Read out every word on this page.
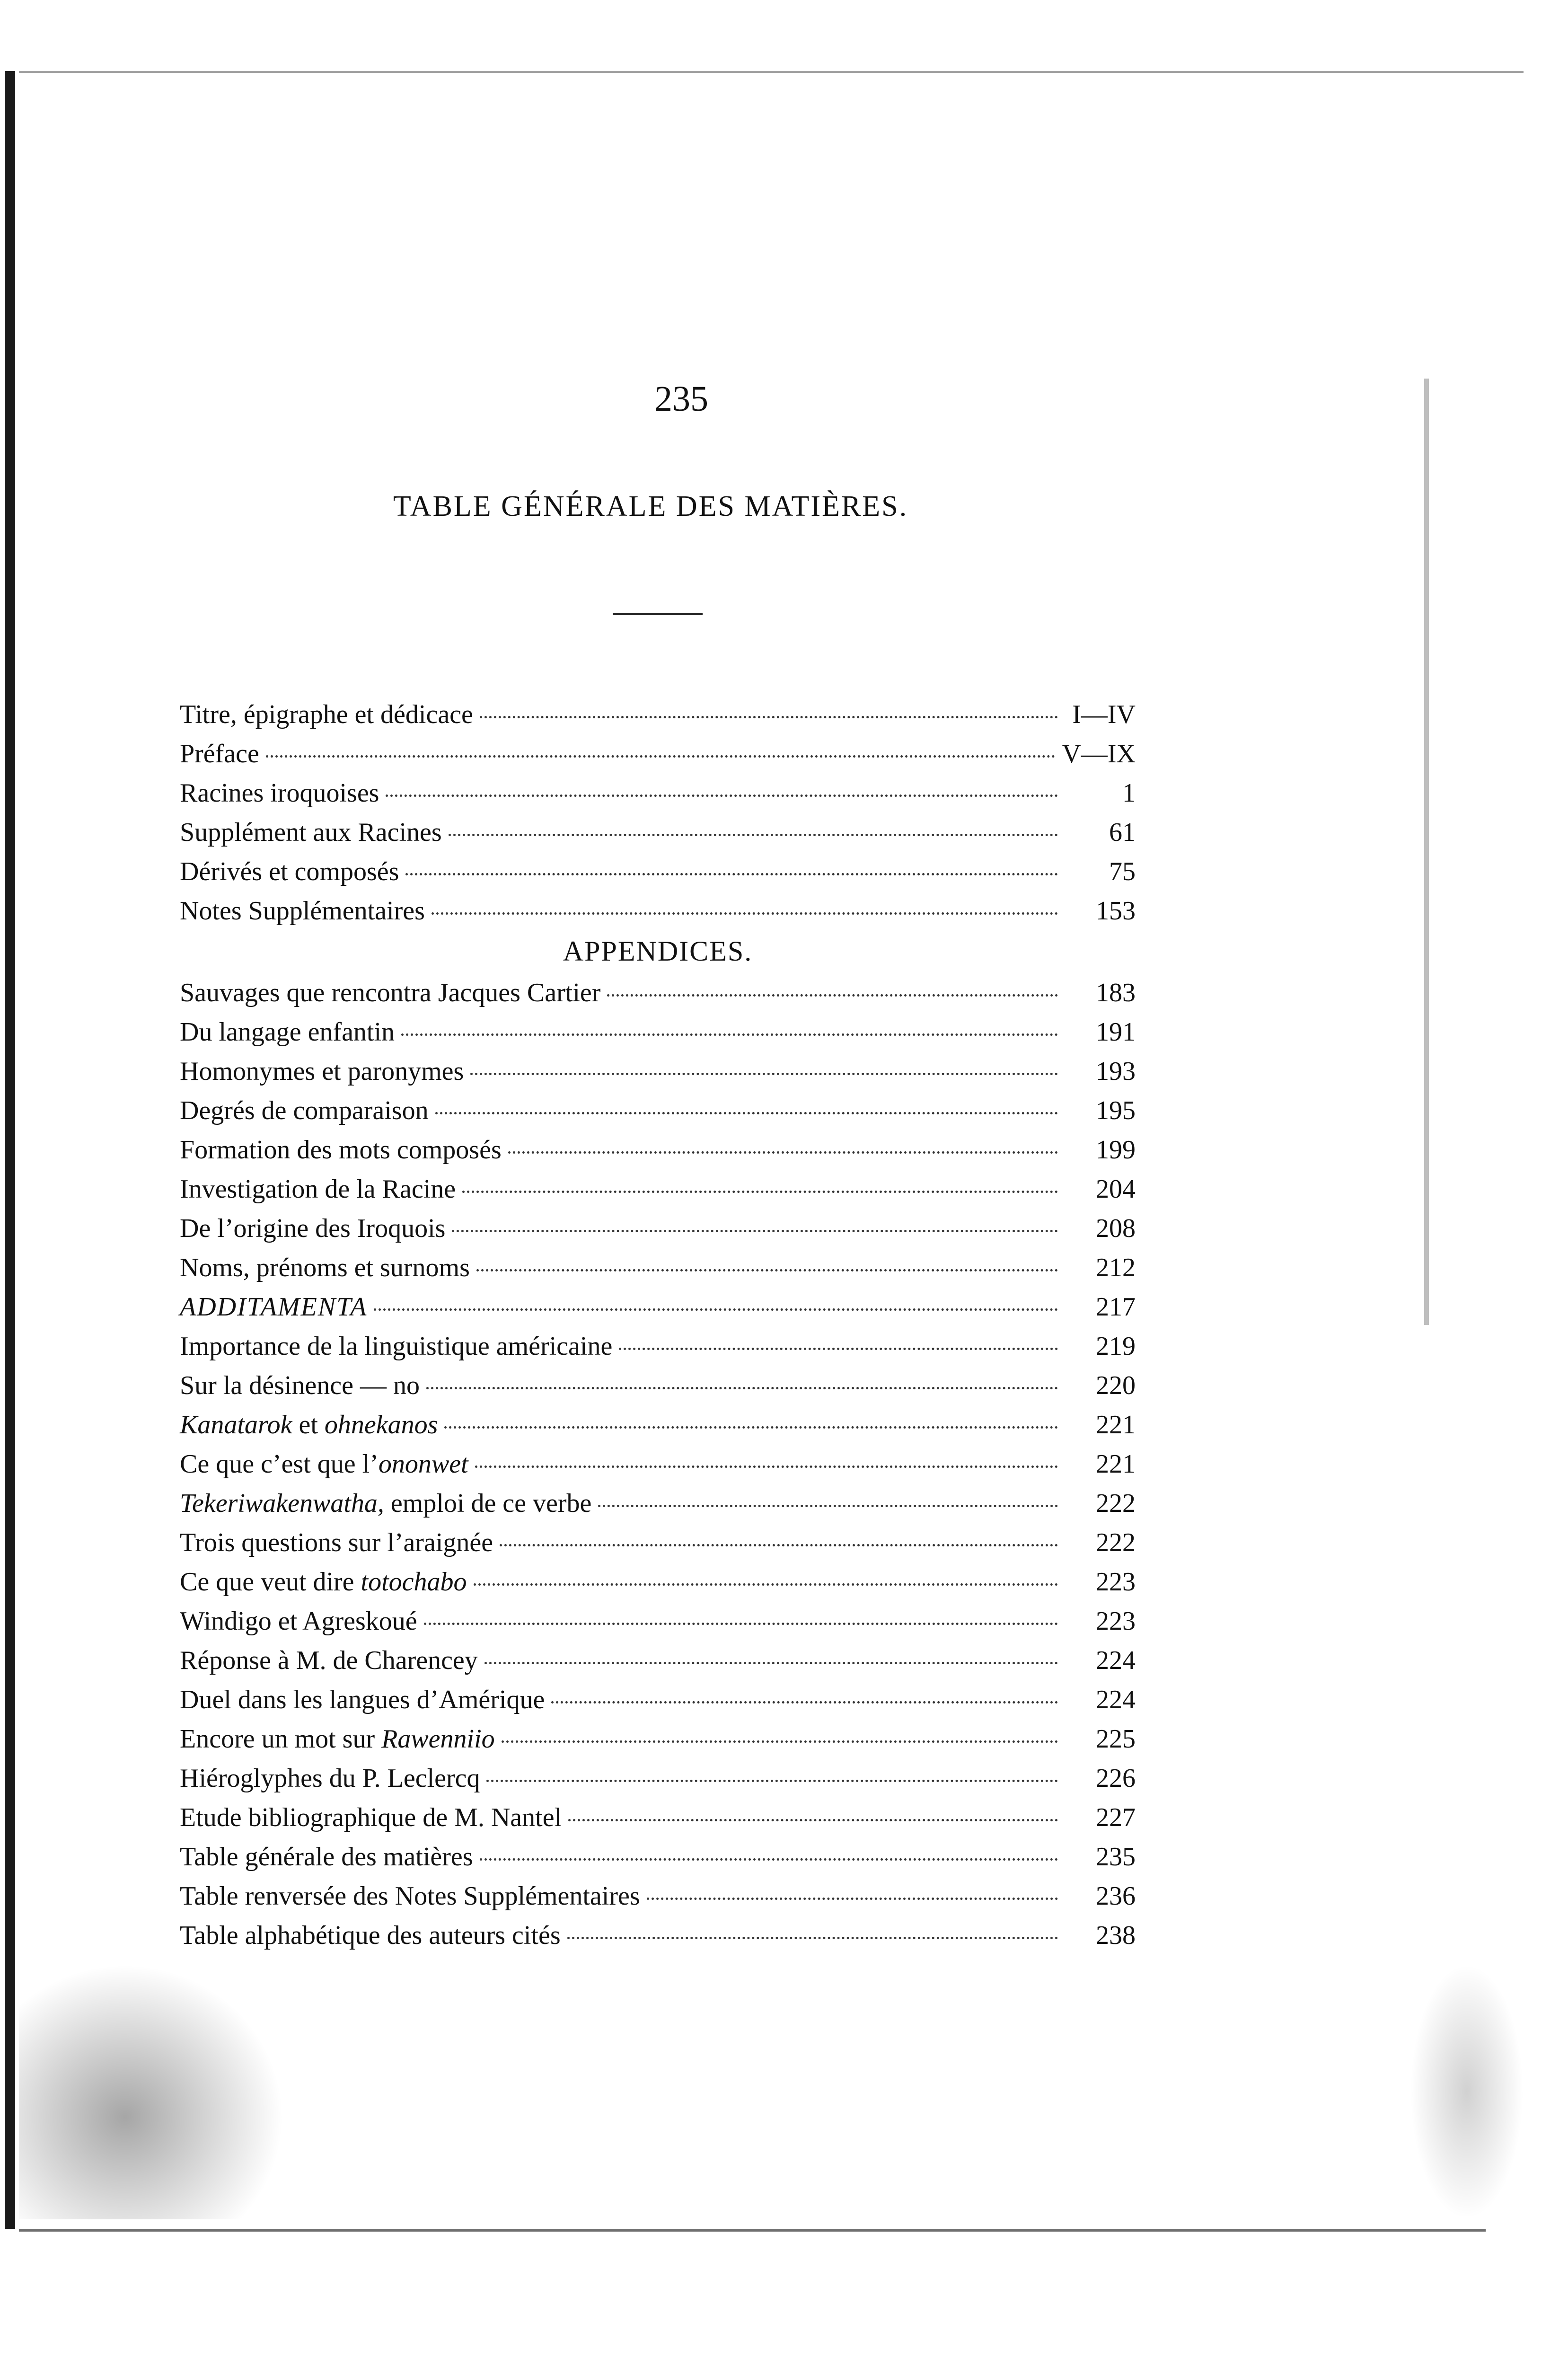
235
TABLE GÉNÉRALE DES MATIÈRES.
Titre, épigraphe et dédicace	I—IV
Préface	V—IX
Racines iroquoises	1
Supplément aux Racines	61
Dérivés et composés	75
Notes Supplémentaires	153
APPENDICES.
Sauvages que rencontra Jacques Cartier	183
Du langage enfantin	191
Homonymes et paronymes	193
Degrés de comparaison	195
Formation des mots composés	199
Investigation de la Racine	204
De l’origine des Iroquois	208
Noms, prénoms et surnoms	212
ADDITAMENTA	217
Importance de la linguistique américaine	219
Sur la désinence — no	220
Kanatarok et ohnekanos	221
Ce que c’est que l’ononwet	221
Tekeriwakenwatha, emploi de ce verbe	222
Trois questions sur l’araignée	222
Ce que veut dire totochabo	223
Windigo et Agreskoué	223
Réponse à M. de Charencey	224
Duel dans les langues d’Amérique	224
Encore un mot sur Rawenniio	225
Hiéroglyphes du P. Leclercq	226
Etude bibliographique de M. Nantel	227
Table générale des matières	235
Table renversée des Notes Supplémentaires	236
Table alphabétique des auteurs cités	238
